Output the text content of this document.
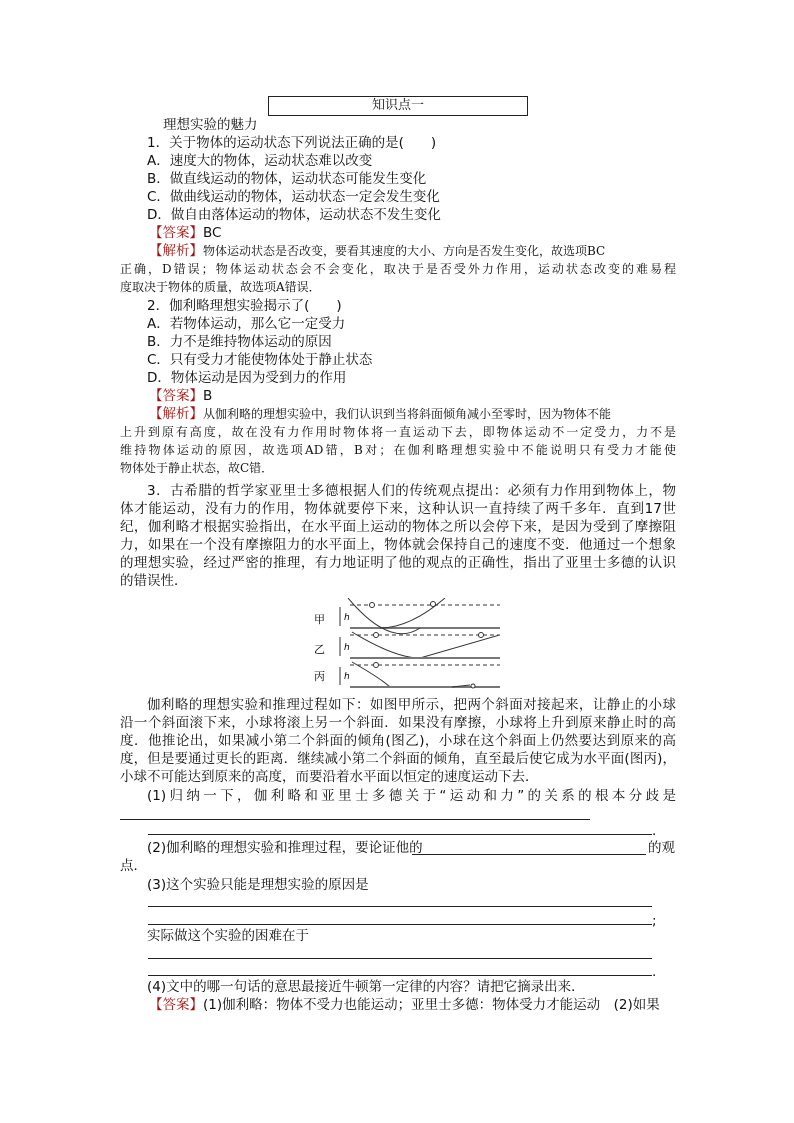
知识点一
理想实验的魅力
1．关于物体的运动状态下列说法正确的是(　　)
A．速度大的物体，运动状态难以改变
B．做直线运动的物体，运动状态可能发生变化
C．做曲线运动的物体，运动状态一定会发生变化
D．做自由落体运动的物体，运动状态不发生变化
【答案】BC
【解析】物体运动状态是否改变，要看其速度的大小、方向是否发生变化，故选项BC
正确，D错误；物体运动状态会不会变化，取决于是否受外力作用，运动状态改变的难易程
度取决于物体的质量，故选项A错误．
2．伽利略理想实验揭示了(　　)
A．若物体运动，那么它一定受力
B．力不是维持物体运动的原因
C．只有受力才能使物体处于静止状态
D．物体运动是因为受到力的作用
【答案】B
【解析】从伽利略的理想实验中，我们认识到当将斜面倾角减小至零时，因为物体不能
上升到原有高度，故在没有力作用时物体将一直运动下去，即物体运动不一定受力，力不是
维持物体运动的原因，故选项AD错，B对；在伽利略理想实验中不能说明只有受力才能使
物体处于静止状态，故C错．
3．古希腊的哲学家亚里士多德根据人们的传统观点提出：必须有力作用到物体上，物
体才能运动，没有力的作用，物体就要停下来，这种认识一直持续了两千多年．直到17世
纪，伽利略才根据实验指出，在水平面上运动的物体之所以会停下来，是因为受到了摩擦阻
力，如果在一个没有摩擦阻力的水平面上，物体就会保持自己的速度不变．他通过一个想象
的理想实验，经过严密的推理，有力地证明了他的观点的正确性，指出了亚里士多德的认识
的错误性．
甲
乙
丙
h
h
h
伽利略的理想实验和推理过程如下：如图甲所示，把两个斜面对接起来，让静止的小球
沿一个斜面滚下来，小球将滚上另一个斜面．如果没有摩擦，小球将上升到原来静止时的高
度．他推论出，如果减小第二个斜面的倾角(图乙)，小球在这个斜面上仍然要达到原来的高
度，但是要通过更长的距离．继续减小第二个斜面的倾角，直至最后使它成为水平面(图丙)，
小球不可能达到原来的高度，而要沿着水平面以恒定的速度运动下去．
(1)归纳一下，伽利略和亚里士多德关于“运动和力”的关系的根本分歧是
.
(2)伽利略的理想实验和推理过程，要论证他的	的观
点．
(3)这个实验只能是理想实验的原因是
;
实际做这个实验的困难在于
.
(4)文中的哪一句话的意思最接近牛顿第一定律的内容？请把它摘录出来．
【答案】(1)伽利略：物体不受力也能运动；亚里士多德：物体受力才能运动　(2)如果
